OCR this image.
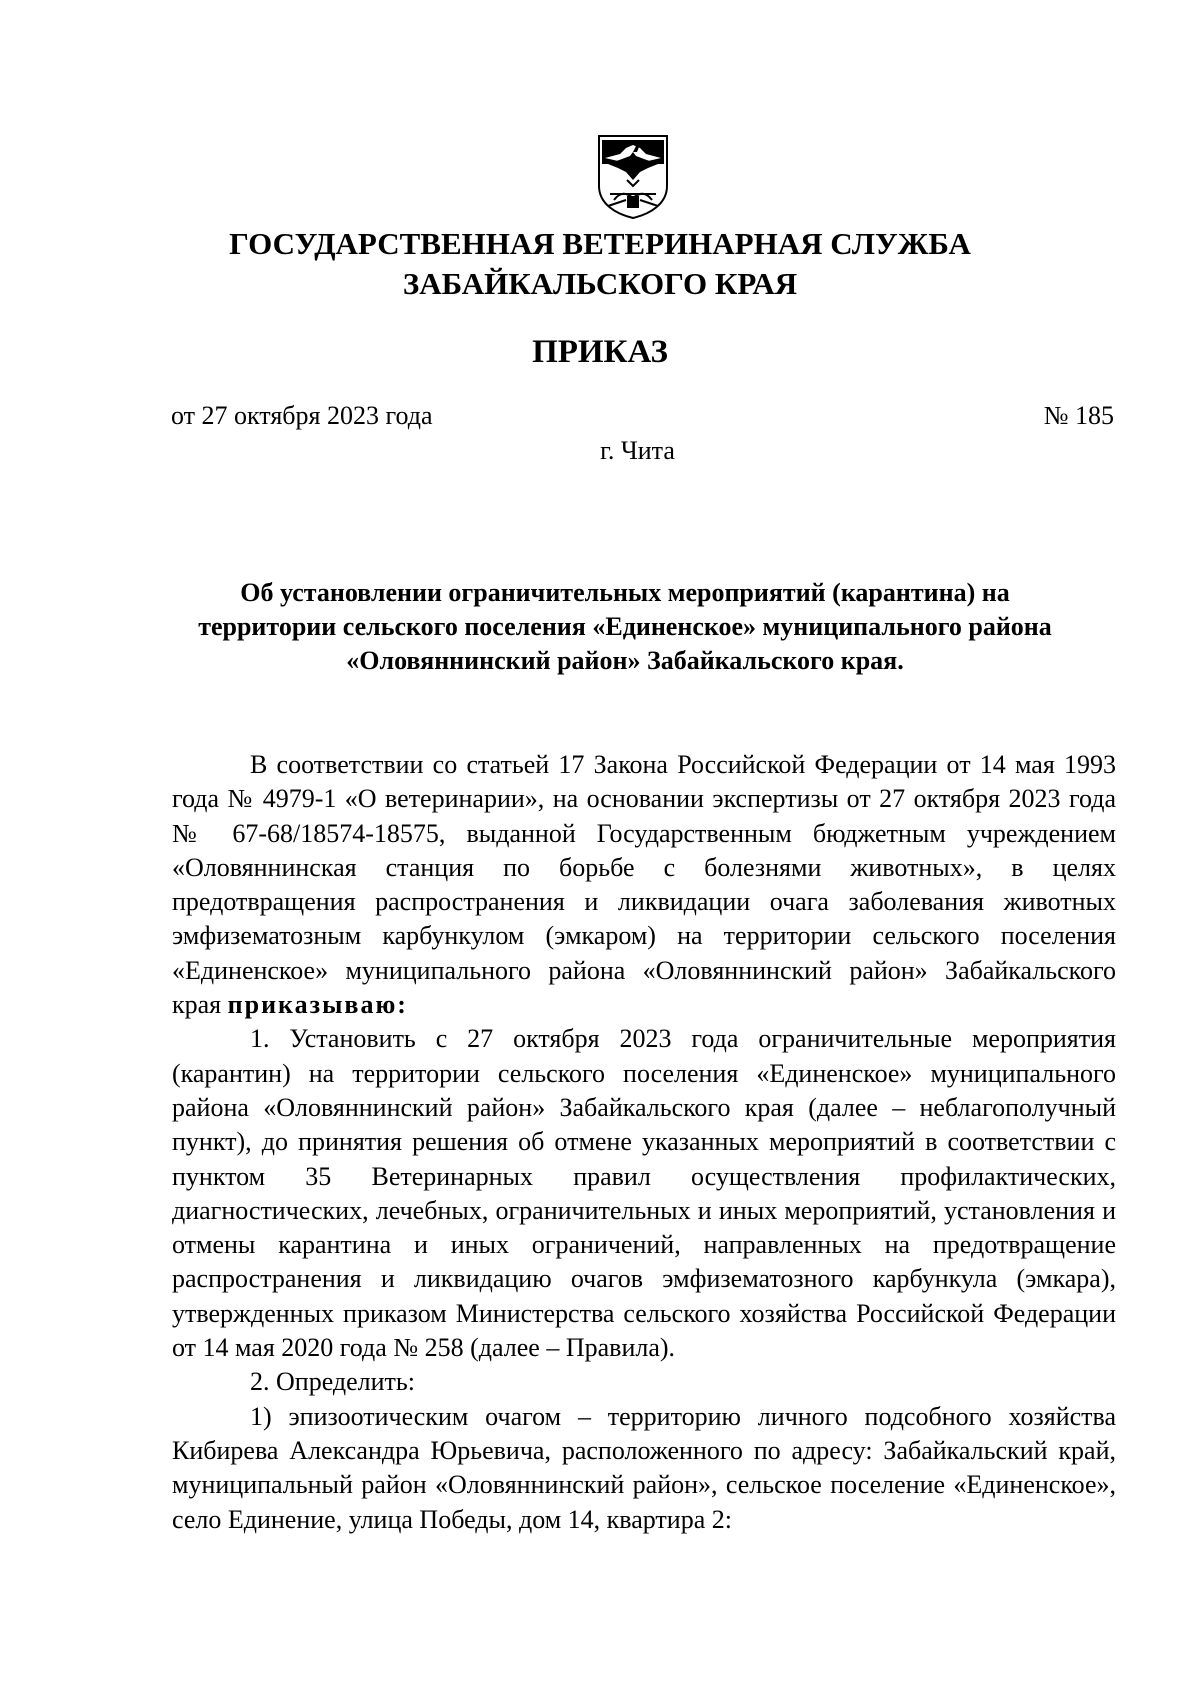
ГОСУДАРСТВЕННАЯ ВЕТЕРИНАРНАЯ СЛУЖБА
ЗАБАЙКАЛЬСКОГО КРАЯ
ПРИКАЗ
от 27 октября 2023 года	№ 185
г. Чита
Об установлении ограничительных мероприятий (карантина) на
территории сельского поселения «Единенское» муниципального района
«Оловяннинский район» Забайкальского края.

В соответствии со статьей 17 Закона Российской Федерации от 14 мая 1993 года № 4979-1 «О ветеринарии», на основании экспертизы от 27 октября 2023 года № 67-68/18574-18575, выданной Государственным бюджетным учреждением «Оловяннинская станция по борьбе с болезнями животных», в целях предотвращения распространения и ликвидации очага заболевания животных эмфизематозным карбункулом (эмкаром) на территории сельского поселения «Единенское» муниципального района «Оловяннинский район» Забайкальского края приказываю:

1. Установить с 27 октября 2023 года ограничительные мероприятия (карантин) на территории сельского поселения «Единенское» муниципального района «Оловяннинский район» Забайкальского края (далее – неблагополучный пункт), до принятия решения об отмене указанных мероприятий в соответствии с пунктом 35 Ветеринарных правил осуществления профилактических, диагностических, лечебных, ограничительных и иных мероприятий, установления и отмены карантина и иных ограничений, направленных на предотвращение распространения и ликвидацию очагов эмфизематозного карбункула (эмкара), утвержденных приказом Министерства сельского хозяйства Российской Федерации от 14 мая 2020 года № 258 (далее – Правила).

2. Определить:

1) эпизоотическим очагом – территорию личного подсобного хозяйства Кибирева Александра Юрьевича, расположенного по адресу: Забайкальский край, муниципальный район «Оловяннинский район», сельское поселение «Единенское», село Единение, улица Победы, дом 14, квартира 2:
